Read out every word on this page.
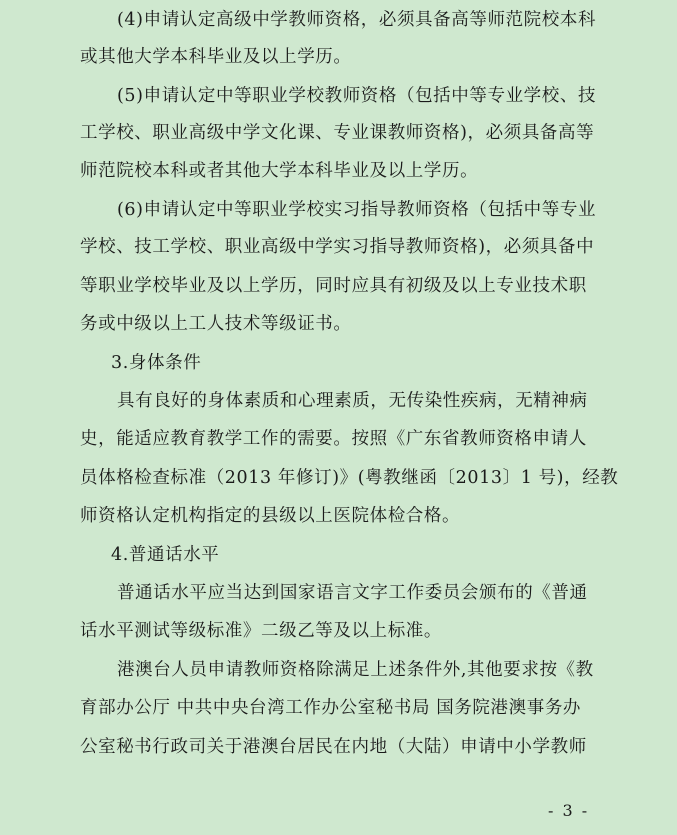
(4)申请认定高级中学教师资格，必须具备高等师范院校本科
或其他大学本科毕业及以上学历。
(5)申请认定中等职业学校教师资格（包括中等专业学校、技
工学校、职业高级中学文化课、专业课教师资格)，必须具备高等
师范院校本科或者其他大学本科毕业及以上学历。
(6)申请认定中等职业学校实习指导教师资格（包括中等专业
学校、技工学校、职业高级中学实习指导教师资格)，必须具备中
等职业学校毕业及以上学历，同时应具有初级及以上专业技术职
务或中级以上工人技术等级证书。
3.身体条件
具有良好的身体素质和心理素质，无传染性疾病，无精神病
史，能适应教育教学工作的需要。按照《广东省教师资格申请人
员体格检查标准（2013 年修订)》(粤教继函〔2013〕1 号)，经教
师资格认定机构指定的县级以上医院体检合格。
4.普通话水平
普通话水平应当达到国家语言文字工作委员会颁布的《普通
话水平测试等级标准》二级乙等及以上标准。
港澳台人员申请教师资格除满足上述条件外,其他要求按《教
育部办公厅 中共中央台湾工作办公室秘书局 国务院港澳事务办
公室秘书行政司关于港澳台居民在内地（大陆）申请中小学教师
- 3 -
